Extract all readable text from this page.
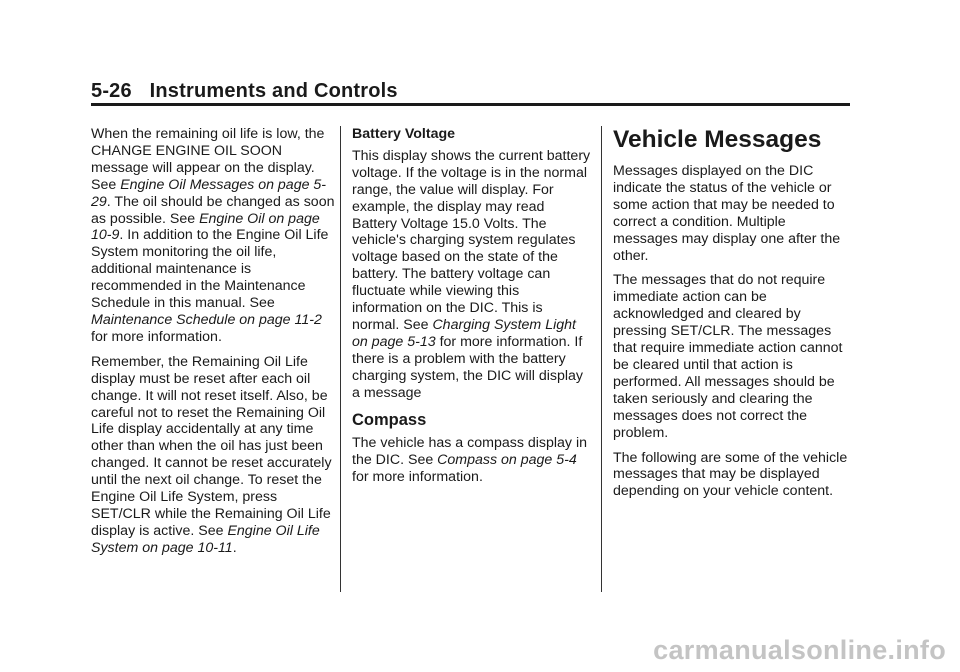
5-26 Instruments and Controls

When the remaining oil life is low, the CHANGE ENGINE OIL SOON message will appear on the display. See Engine Oil Messages on page 5-29. The oil should be changed as soon as possible. See Engine Oil on page 10-9. In addition to the Engine Oil Life System monitoring the oil life, additional maintenance is recommended in the Maintenance Schedule in this manual. See Maintenance Schedule on page 11-2 for more information.

Remember, the Remaining Oil Life display must be reset after each oil change. It will not reset itself. Also, be careful not to reset the Remaining Oil Life display accidentally at any time other than when the oil has just been changed. It cannot be reset accurately until the next oil change. To reset the Engine Oil Life System, press SET/CLR while the Remaining Oil Life display is active. See Engine Oil Life System on page 10-11.

Battery Voltage

This display shows the current battery voltage. If the voltage is in the normal range, the value will display. For example, the display may read Battery Voltage 15.0 Volts. The vehicle's charging system regulates voltage based on the state of the battery. The battery voltage can fluctuate while viewing this information on the DIC. This is normal. See Charging System Light on page 5-13 for more information. If there is a problem with the battery charging system, the DIC will display a message

Compass

The vehicle has a compass display in the DIC. See Compass on page 5-4 for more information.

Vehicle Messages

Messages displayed on the DIC indicate the status of the vehicle or some action that may be needed to correct a condition. Multiple messages may display one after the other.

The messages that do not require immediate action can be acknowledged and cleared by pressing SET/CLR. The messages that require immediate action cannot be cleared until that action is performed. All messages should be taken seriously and clearing the messages does not correct the problem.

The following are some of the vehicle messages that may be displayed depending on your vehicle content.

carmanualsonline.info
